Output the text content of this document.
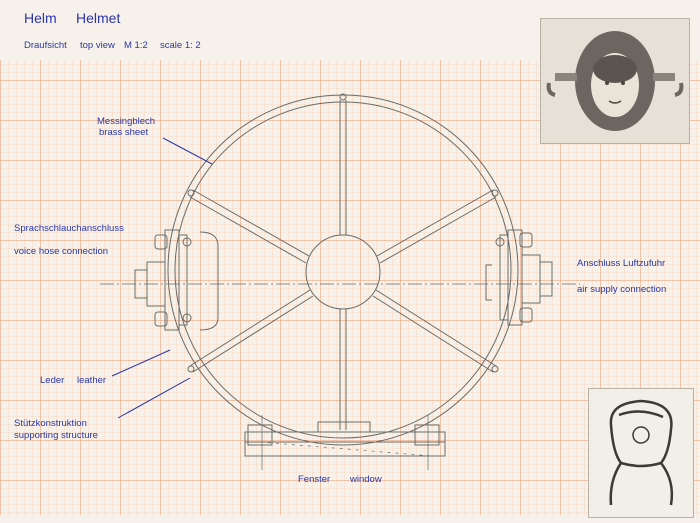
Helm Helmet
Draufsicht top view M 1:2 scale 1: 2
Messingblech
brass sheet
Sprachschlauchanschluss
voice hose connection
Anschluss Luftzufuhr
air supply connection
Leder leather
Stützkonstruktion
supporting structure
Fenster window
